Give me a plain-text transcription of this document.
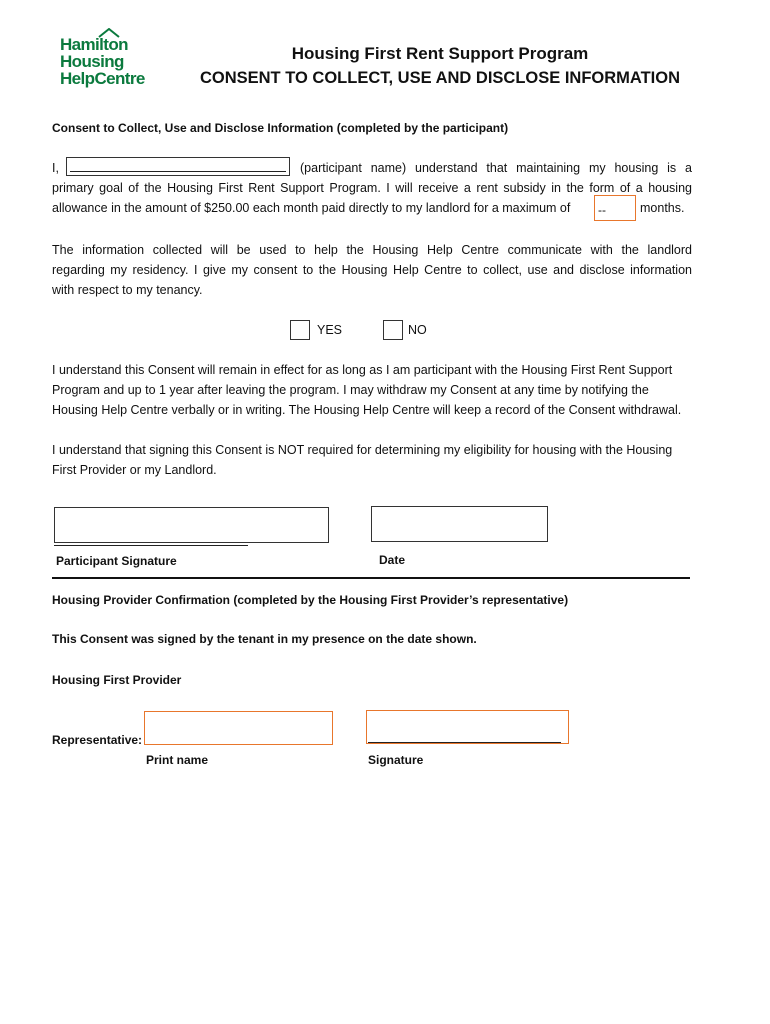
Hamilton
Housing
HelpCentre
Housing First Rent Support Program
CONSENT TO COLLECT, USE AND DISCLOSE INFORMATION
Consent to Collect, Use and Disclose Information (completed by the participant)
I,	(participant name) understand that maintaining my housing is a
primary goal of the Housing First Rent Support Program. I will receive a rent subsidy in the form of a housing
allowance in the amount of $250.00 each month paid directly to my landlord for a maximum of --	months.
The information collected will be used to help the Housing Help Centre communicate with the landlord
regarding my residency. I give my consent to the Housing Help Centre to collect, use and disclose information
with respect to my tenancy.
YES	NO
I understand this Consent will remain in effect for as long as I am participant with the Housing First Rent Support
Program and up to 1 year after leaving the program. I may withdraw my Consent at any time by notifying the
Housing Help Centre verbally or in writing. The Housing Help Centre will keep a record of the Consent withdrawal.
I understand that signing this Consent is NOT required for determining my eligibility for housing with the Housing
First Provider or my Landlord.
Participant Signature	Date
Housing Provider Confirmation (completed by the Housing First Provider’s representative)
This Consent was signed by the tenant in my presence on the date shown.
Housing First Provider
Representative:
Print name	Signature
